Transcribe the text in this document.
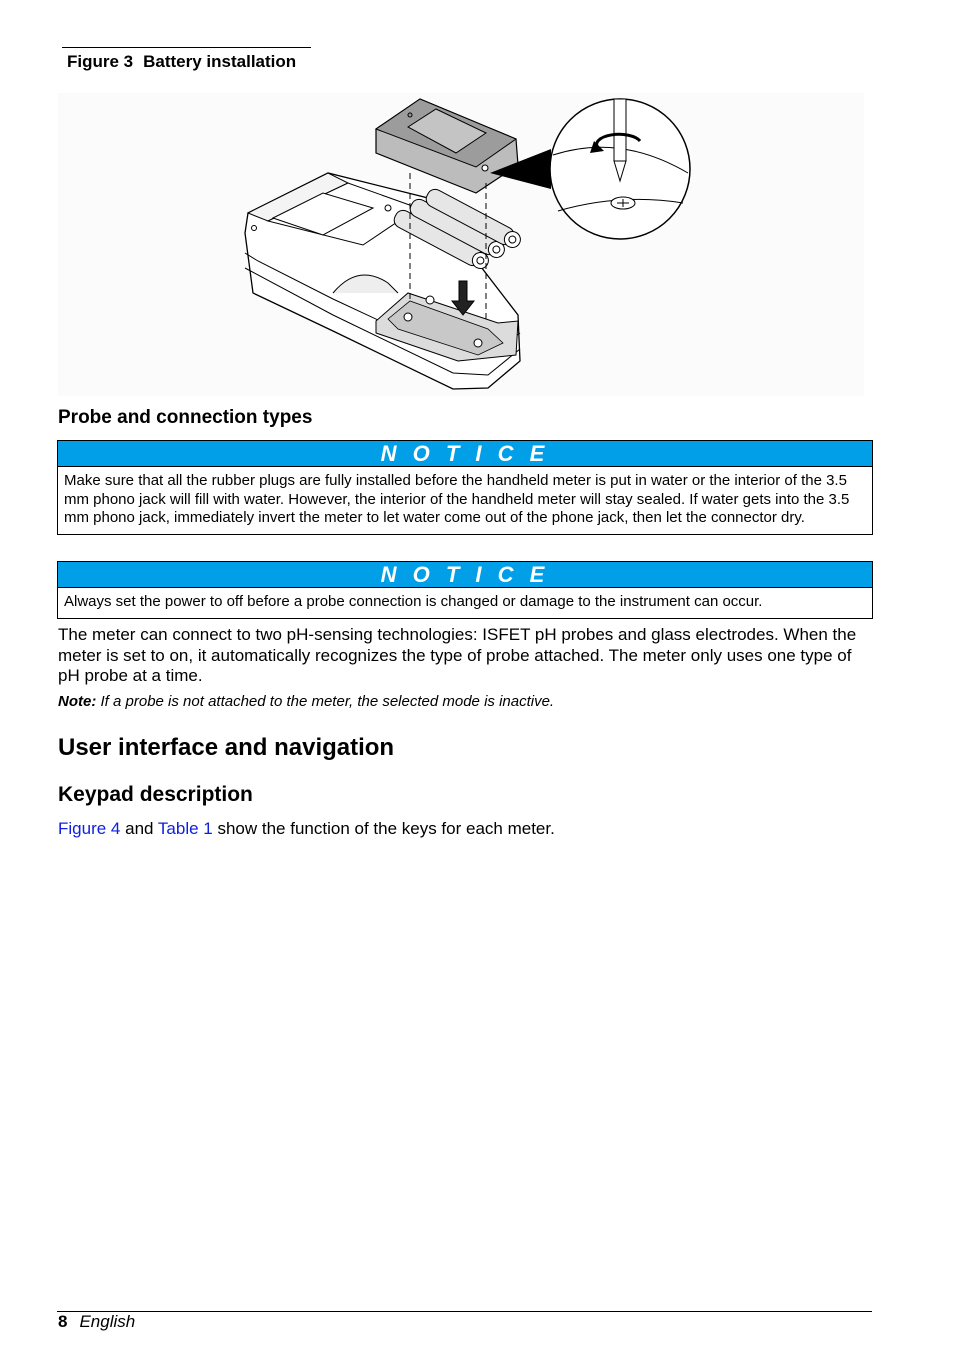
Figure 3 Battery installation
Probe and connection types
N O T I C E
Make sure that all the rubber plugs are fully installed before the handheld meter is put in water or the interior of the 3.5 mm phono jack will fill with water. However, the interior of the handheld meter will stay sealed. If water gets into the 3.5 mm phono jack, immediately invert the meter to let water come out of the phone jack, then let the connector dry.
N O T I C E
Always set the power to off before a probe connection is changed or damage to the instrument can occur.

The meter can connect to two pH-sensing technologies: ISFET pH probes and glass electrodes. When the meter is set to on, it automatically recognizes the type of probe attached. The meter only uses one type of pH probe at a time.

Note: If a probe is not attached to the meter, the selected mode is inactive.

User interface and navigation
Keypad description

Figure 4 and Table 1 show the function of the keys for each meter.

8 English
